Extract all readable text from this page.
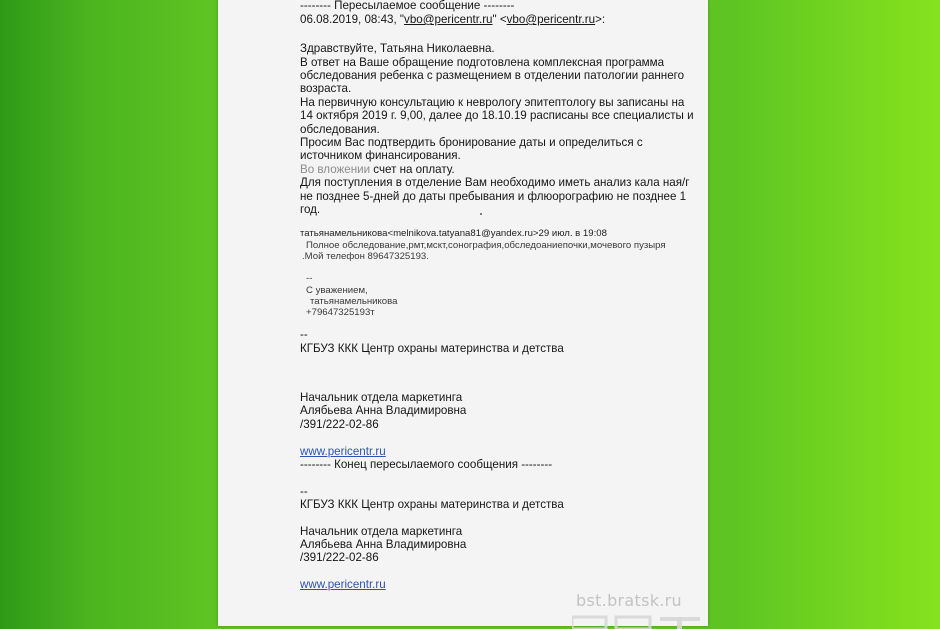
-------- Пересылаемое сообщение --------
06.08.2019, 08:43, "vbo@pericentr.ru" <vbo@pericentr.ru>:
Здравствуйте, Татьяна Николаевна.
В ответ на Ваше обращение подготовлена комплексная программа
обследования ребенка с размещением в отделении патологии раннего
возраста.
На первичную консультацию к неврологу эпитептологу вы записаны на
14 октября 2019 г. 9,00, далее до 18.10.19 расписаны все специалисты и
обследования.
Просим Вас подтвердить бронирование даты и определиться с
источником финансирования.
Во вложении счет на оплату.
Для поступления в отделение Вам необходимо иметь анализ кала ная/г
не позднее 5-дней до даты пребывания и флюорографию не позднее 1
год.
татьянамельникова<melnikova.tatyana81@yandex.ru>29 июл. в 19:08
Полное обследование,рмт,мскт,сонография,обследоаниепочки,мочевого пузыря
.Мой телефон 89647325193.
--
С уважением,
татьянамельникова
+79647325193т
--
КГБУЗ ККК Центр охраны материнства и детства
Начальник отдела маркетинга
Алябьева Анна Владимировна
/391/222-02-86
www.pericentr.ru
-------- Конец пересылаемого сообщения --------
--
КГБУЗ ККК Центр охраны материнства и детства
Начальник отдела маркетинга
Алябьева Анна Владимировна
/391/222-02-86
www.pericentr.ru
bst.bratsk.ru
